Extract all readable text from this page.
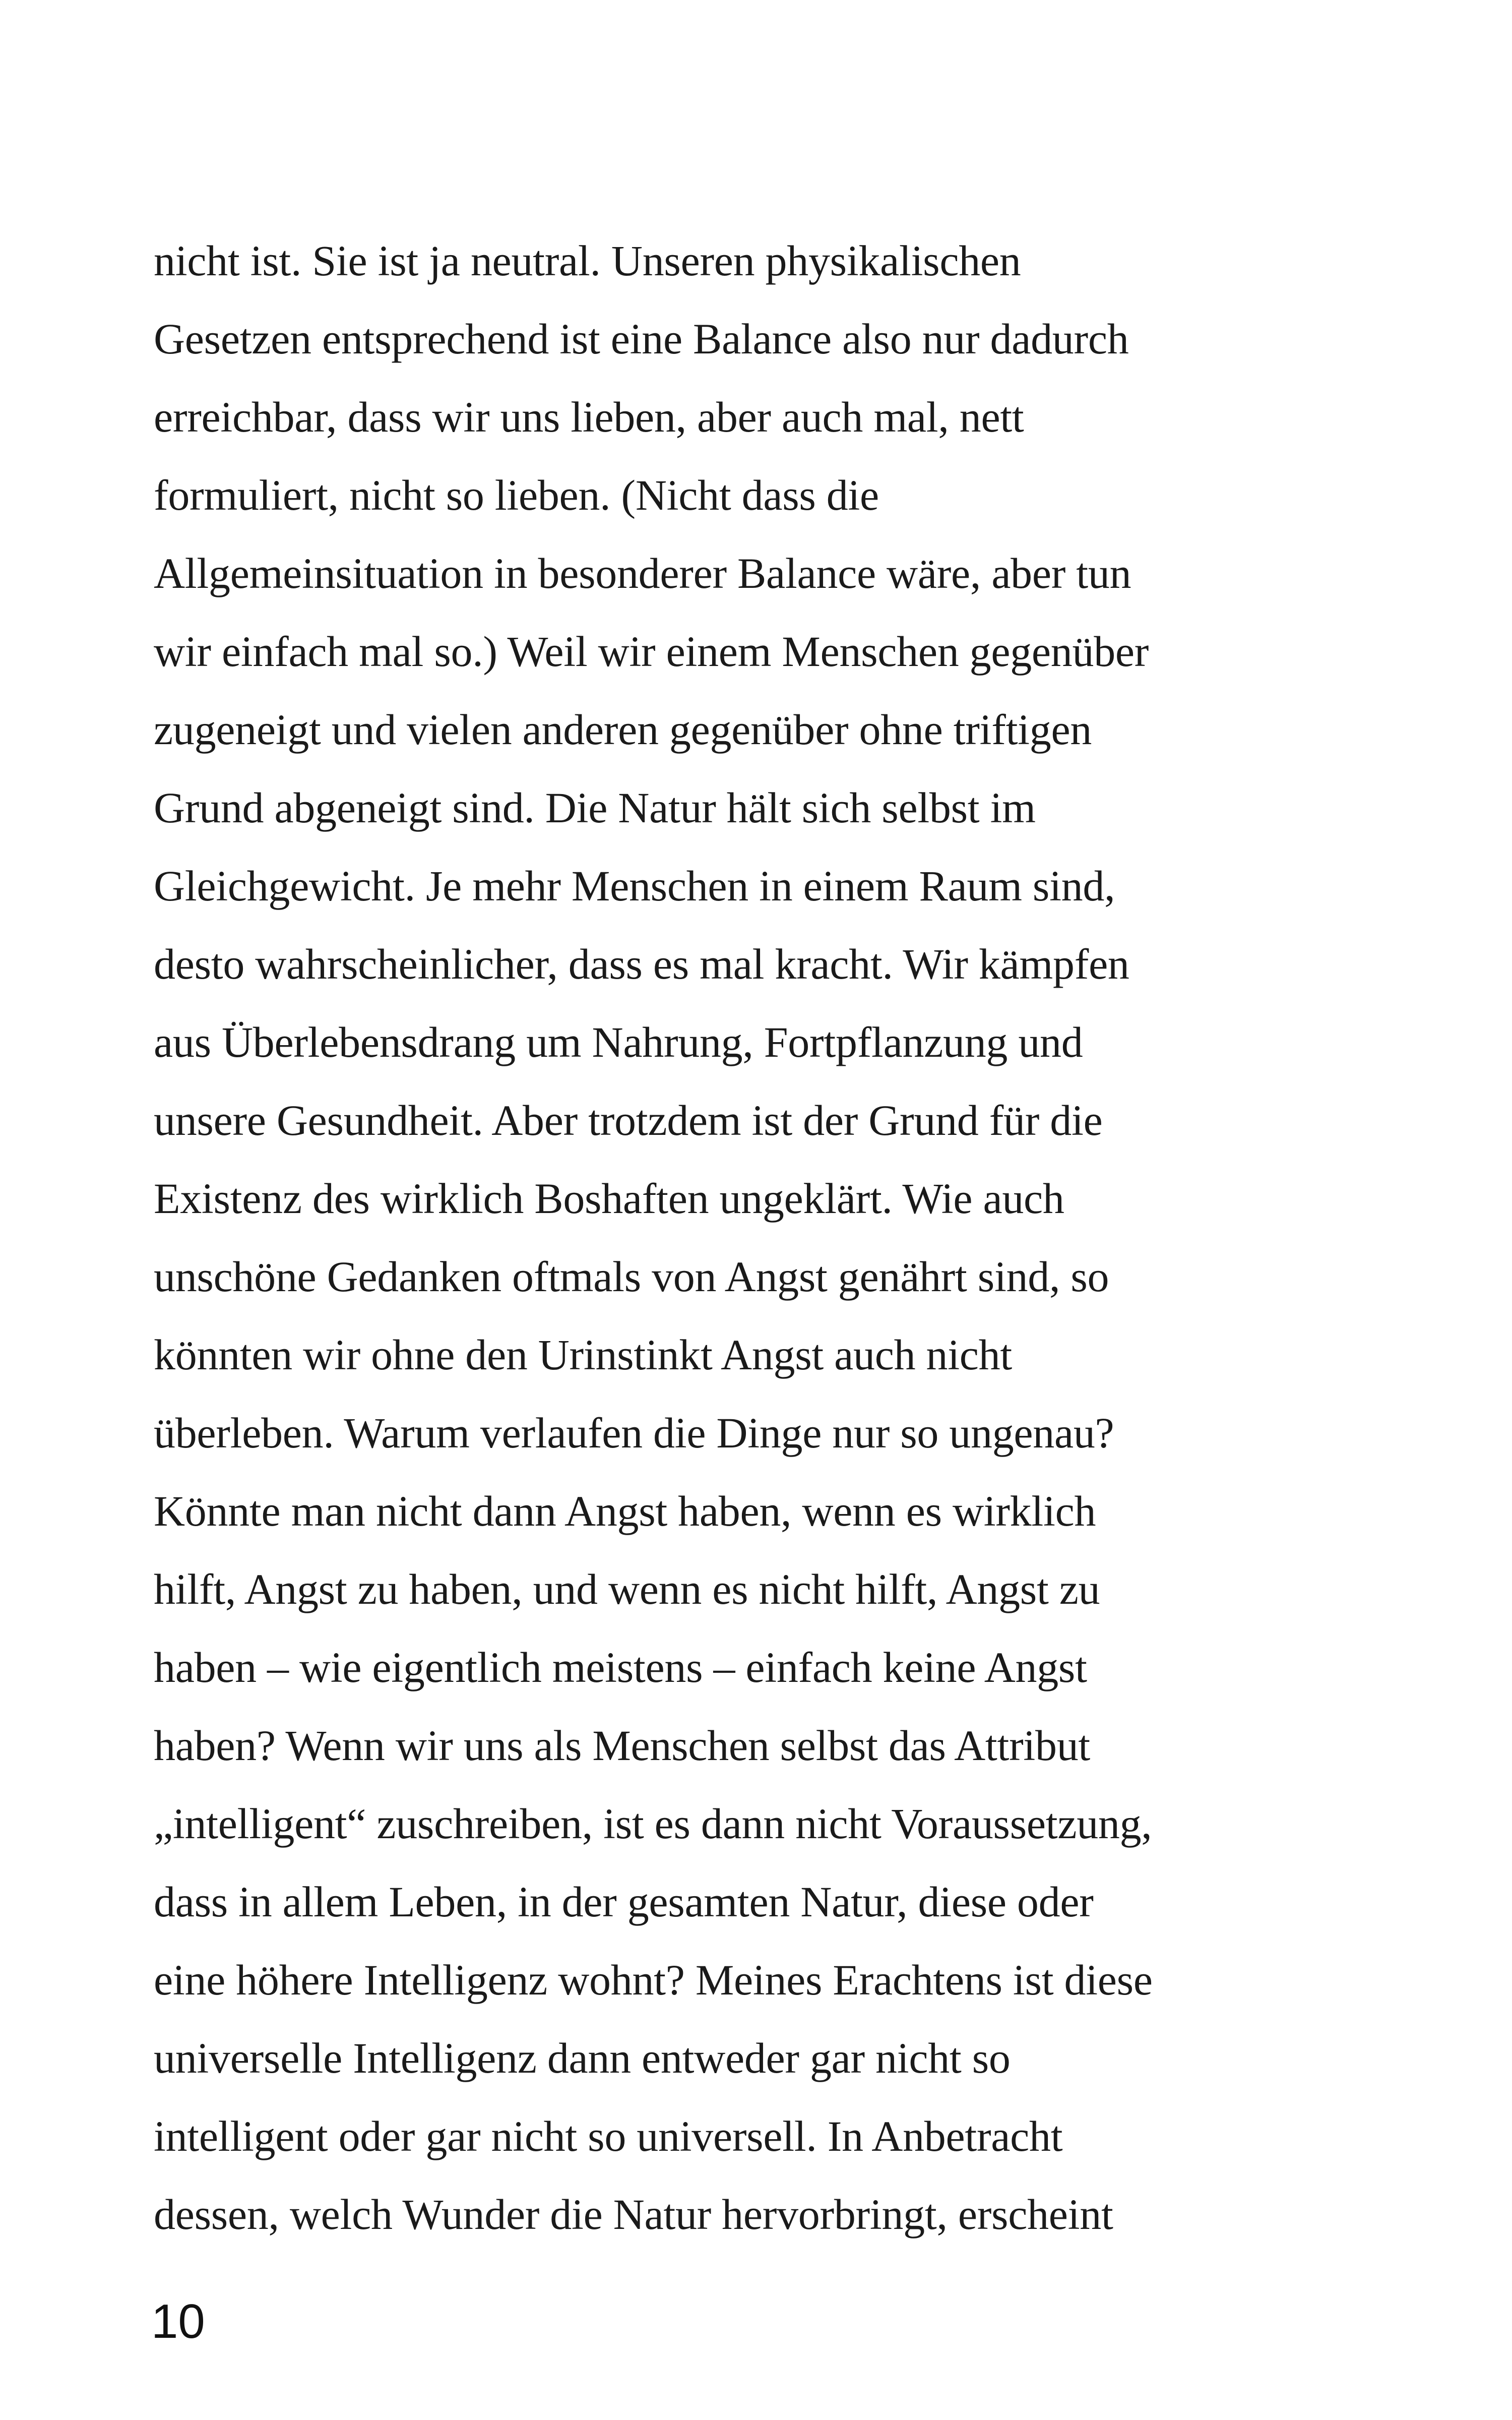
nicht ist. Sie ist ja neutral. Unseren physikalischen
Gesetzen entsprechend ist eine Balance also nur dadurch
erreichbar, dass wir uns lieben, aber auch mal, nett
formuliert, nicht so lieben. (Nicht dass die
Allgemeinsituation in besonderer Balance wäre, aber tun
wir einfach mal so.) Weil wir einem Menschen gegenüber
zugeneigt und vielen anderen gegenüber ohne triftigen
Grund abgeneigt sind. Die Natur hält sich selbst im
Gleichgewicht. Je mehr Menschen in einem Raum sind,
desto wahrscheinlicher, dass es mal kracht. Wir kämpfen
aus Überlebensdrang um Nahrung, Fortpflanzung und
unsere Gesundheit. Aber trotzdem ist der Grund für die
Existenz des wirklich Boshaften ungeklärt. Wie auch
unschöne Gedanken oftmals von Angst genährt sind, so
könnten wir ohne den Urinstinkt Angst auch nicht
überleben. Warum verlaufen die Dinge nur so ungenau?
Könnte man nicht dann Angst haben, wenn es wirklich
hilft, Angst zu haben, und wenn es nicht hilft, Angst zu
haben – wie eigentlich meistens – einfach keine Angst
haben? Wenn wir uns als Menschen selbst das Attribut
„intelligent“ zuschreiben, ist es dann nicht Voraussetzung,
dass in allem Leben, in der gesamten Natur, diese oder
eine höhere Intelligenz wohnt? Meines Erachtens ist diese
universelle Intelligenz dann entweder gar nicht so
intelligent oder gar nicht so universell. In Anbetracht
dessen, welch Wunder die Natur hervorbringt, erscheint
10
